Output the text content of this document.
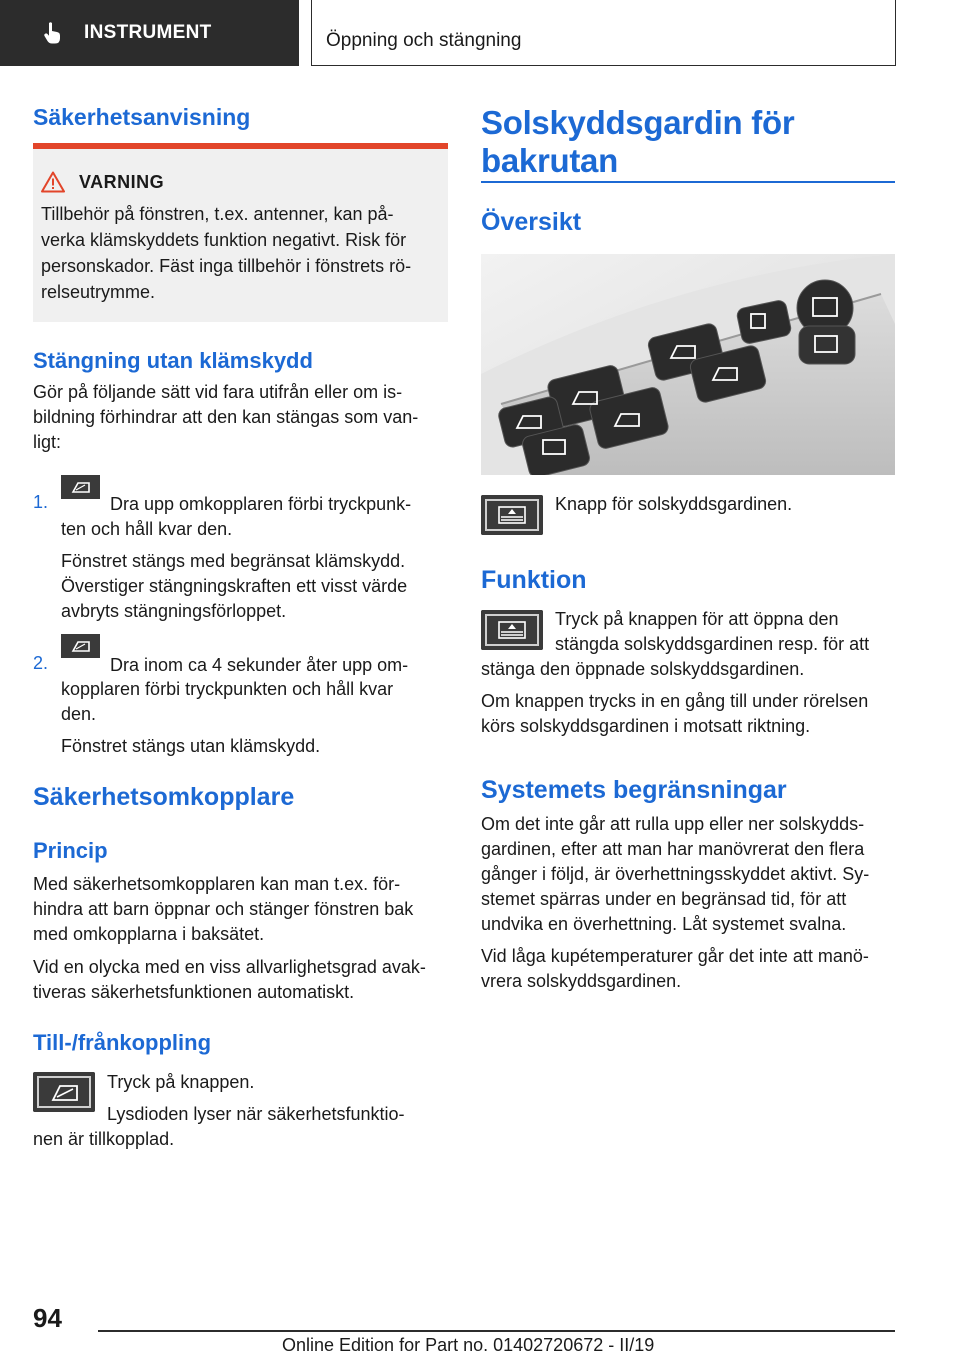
INSTRUMENT	Öppning och stängning
Säkerhetsanvisning
VARNING
Tillbehör på fönstren, t.ex. antenner, kan på-
verka klämskyddets funktion negativt. Risk för
personskador. Fäst inga tillbehör i fönstrets rö-
relseutrymme.
Stängning utan klämskydd
Gör på följande sätt vid fara utifrån eller om is-
bildning förhindrar att den kan stängas som van-
ligt:
1.	Dra upp omkopplaren förbi tryckpunk-
ten och håll kvar den.
Fönstret stängs med begränsat klämskydd.
Överstiger stängningskraften ett visst värde
avbryts stängningsförloppet.
2.	Dra inom ca 4 sekunder åter upp om-
kopplaren förbi tryckpunkten och håll kvar
den.
Fönstret stängs utan klämskydd.
Säkerhetsomkopplare
Princip
Med säkerhetsomkopplaren kan man t.ex. för-
hindra att barn öppnar och stänger fönstren bak
med omkopplarna i baksätet.
Vid en olycka med en viss allvarlighetsgrad avak-
tiveras säkerhetsfunktionen automatiskt.
Till-/frånkoppling
Tryck på knappen.
Lysdioden lyser när säkerhetsfunktio-
nen är tillkopplad.
Solskyddsgardin för
bakrutan
Översikt
Knapp för solskyddsgardinen.
Funktion
Tryck på knappen för att öppna den
stängda solskyddsgardinen resp. för att
stänga den öppnade solskyddsgardinen.
Om knappen trycks in en gång till under rörelsen
körs solskyddsgardinen i motsatt riktning.
Systemets begränsningar
Om det inte går att rulla upp eller ner solskydds-
gardinen, efter att man har manövrerat den flera
gånger i följd, är överhettningsskyddet aktivt. Sy-
stemet spärras under en begränsad tid, för att
undvika en överhettning. Låt systemet svalna.
Vid låga kupétemperaturer går det inte att manö-
vrera solskyddsgardinen.
94
Online Edition for Part no. 01402720672 - II/19
